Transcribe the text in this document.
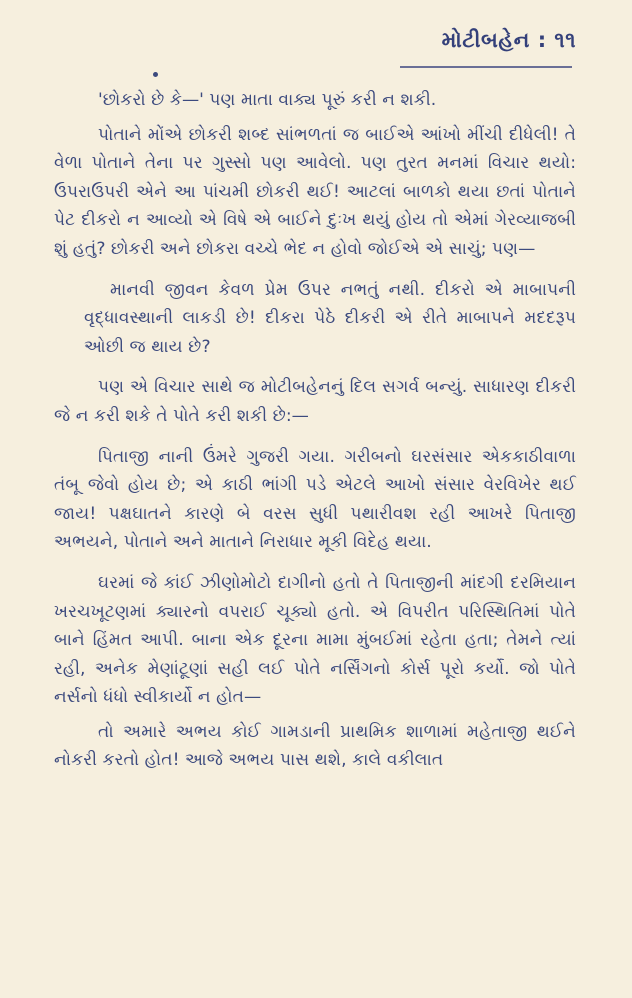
મોટીબહેન : ૧૧

'છોકરો છે કે—' પણ માતા વાક્ય પૂરું કરી ન શકી.

પોતાને મોંએ છોકરી શબ્દ સાંભળતાં જ બાઈએ આંખો મીંચી દીધેલી! તે વેળા પોતાને તેના પર ગુસ્સો પણ આવેલો. પણ તુરત મનમાં વિચાર થયો: ઉપરાઉપરી એને આ પાંચમી છોકરી થઈ! આટલાં બાળકો થયા છતાં પોતાને પેટ દીકરો ન આવ્યો એ વિષે એ બાઈને દુઃખ થયું હોય તો એમાં ગેરવ્યાજબી શું હતું? છોકરી અને છોકરા વચ્ચે ભેદ ન હોવો જોઈએ એ સાચું; પણ—

માનવી જીવન કેવળ પ્રેમ ઉપર નભતું નથી. દીકરો એ માબાપની વૃદ્ધાવસ્થાની લાકડી છે! દીકરા પેઠે દીકરી એ રીતે માબાપને મદદરૂપ ઓછી જ થાય છે?

પણ એ વિચાર સાથે જ મોટીબહેનનું દિલ સગર્વ બન્યું. સાધારણ દીકરી જે ન કરી શકે તે પોતે કરી શકી છે:—

પિતાજી નાની ઉંમરે ગુજરી ગયા. ગરીબનો ઘરસંસાર એકકાઠીવાળા તંબૂ જેવો હોય છે; એ કાઠી ભાંગી પડે એટલે આખો સંસાર વેરવિખેર થઈ જાય! પક્ષઘાતને કારણે બે વરસ સુધી પથારીવશ રહી આખરે પિતાજી અભયને, પોતાને અને માતાને નિરાધાર મૂકી વિદેહ થયા.

ઘરમાં જે કાંઈ ઝીણોમોટો દાગીનો હતો તે પિતાજીની માંદગી દરમિયાન ખરચખૂટણમાં ક્યારનો વપરાઈ ચૂક્યો હતો. એ વિપરીત પરિસ્થિતિમાં પોતે બાને હિંમત આપી. બાના એક દૂરના મામા મુંબઈમાં રહેતા હતા; તેમને ત્યાં રહી, અનેક મેણાંટૂણાં સહી લઈ પોતે નર્સિંગનો કોર્સ પૂરો કર્યો. જો પોતે નર્સનો ધંધો સ્વીકાર્યો ન હોત—

તો અમારે અભય કોઈ ગામડાની પ્રાથમિક શાળામાં મહેતાજી થઈને નોકરી કરતો હોત! આજે અભય પાસ થશે, કાલે વકીલાત
